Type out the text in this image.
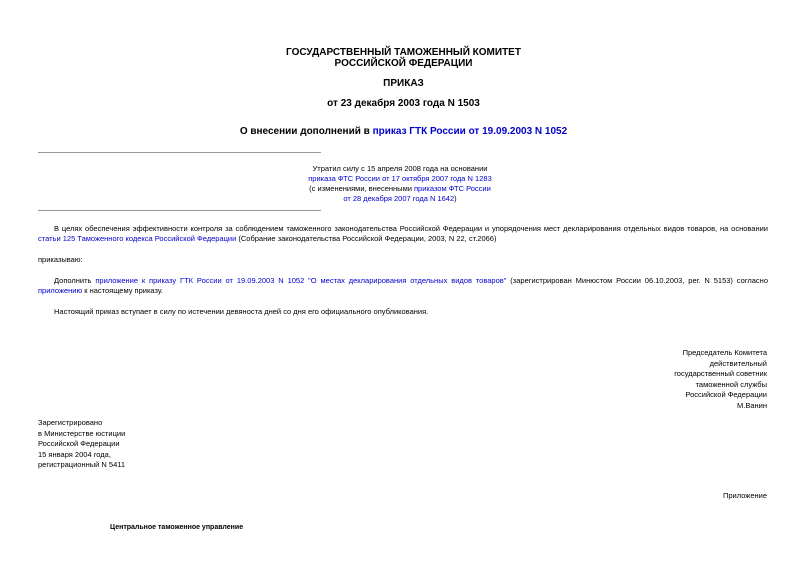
ГОСУДАРСТВЕННЫЙ ТАМОЖЕННЫЙ КОМИТЕТ
РОССИЙСКОЙ ФЕДЕРАЦИИ
ПРИКАЗ
от 23 декабря 2003 года N 1503
О внесении дополнений в приказ ГТК России от 19.09.2003 N 1052
Утратил силу с 15 апреля 2008 года на основании
приказа ФТС России от 17 октября 2007 года N 1283
(с изменениями, внесенными приказом ФТС России
от 28 декабря 2007 года N 1642)
В целях обеспечения эффективности контроля за соблюдением таможенного законодательства Российской Федерации и упорядочения мест декларирования отдельных видов товаров, на основании статьи 125 Таможенного кодекса Российской Федерации (Собрание законодательства Российской Федерации, 2003, N 22, ст.2066)
приказываю:
Дополнить приложение к приказу ГТК России от 19.09.2003 N 1052 "О местах декларирования отдельных видов товаров" (зарегистрирован Минюстом России 06.10.2003, рег. N 5153) согласно приложению к настоящему приказу.
Настоящий приказ вступает в силу по истечении девяноста дней со дня его официального опубликования.
Председатель Комитета
действительный
государственный советник
таможенной службы
Российской Федерации
М.Ванин
Зарегистрировано
в Министерстве юстиции
Российской Федерации
15 января 2004 года,
регистрационный N 5411
Приложение
Центральное таможенное управление
